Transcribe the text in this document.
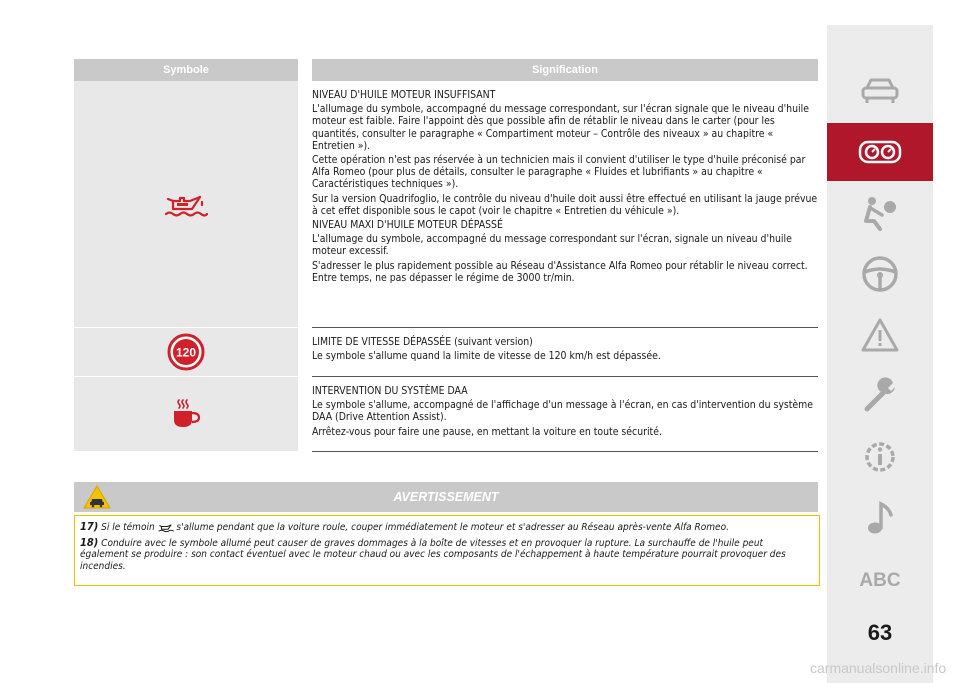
Symbole	Signification

NIVEAU D'HUILE MOTEUR INSUFFISANT

L'allumage du symbole, accompagné du message correspondant, sur l'écran signale que le niveau d'huile moteur est faible. Faire l'appoint dès que possible afin de rétablir le niveau dans le carter (pour les quantités, consulter le paragraphe « Compartiment moteur – Contrôle des niveaux » au chapitre « Entretien »).

Cette opération n'est pas réservée à un technicien mais il convient d'utiliser le type d'huile préconisé par Alfa Romeo (pour plus de détails, consulter le paragraphe « Fluides et lubrifiants » au chapitre « Caractéristiques techniques »).

Sur la version Quadrifoglio, le contrôle du niveau d'huile doit aussi être effectué en utilisant la jauge prévue à cet effet disponible sous le capot (voir le chapitre « Entretien du véhicule »).

NIVEAU MAXI D'HUILE MOTEUR DÉPASSÉ

L'allumage du symbole, accompagné du message correspondant sur l'écran, signale un niveau d'huile moteur excessif.

S'adresser le plus rapidement possible au Réseau d'Assistance Alfa Romeo pour rétablir le niveau correct. Entre temps, ne pas dépasser le régime de 3000 tr/min.

120

LIMITE DE VITESSE DÉPASSÉE (suivant version)

Le symbole s'allume quand la limite de vitesse de 120 km/h est dépassée.

INTERVENTION DU SYSTÈME DAA

Le symbole s'allume, accompagné de l'affichage d'un message à l'écran, en cas d'intervention du système DAA (Drive Attention Assist).

Arrêtez-vous pour faire une pause, en mettant la voiture en toute sécurité.

AVERTISSEMENT

17) Si le témoin s'allume pendant que la voiture roule, couper immédiatement le moteur et s'adresser au Réseau après-vente Alfa Romeo.

18) Conduire avec le symbole allumé peut causer de graves dommages à la boîte de vitesses et en provoquer la rupture. La surchauffe de l'huile peut également se produire : son contact éventuel avec le moteur chaud ou avec les composants de l'échappement à haute température pourrait provoquer des incendies.

ABC
63
carmanualsonline.info
